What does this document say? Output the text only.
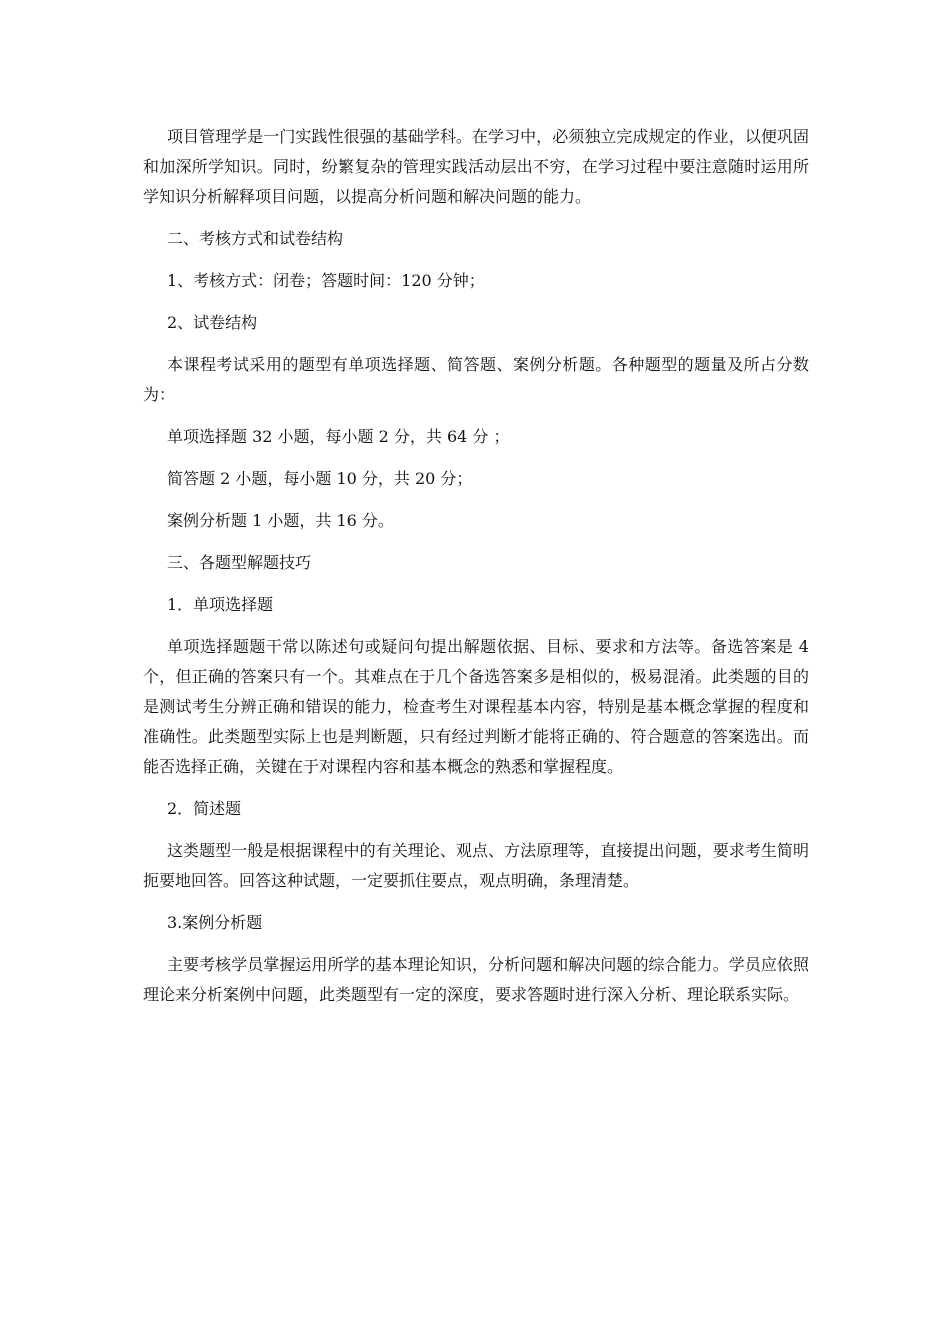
项目管理学是一门实践性很强的基础学科。在学习中，必须独立完成规定的作业，以便巩固和加深所学知识。同时，纷繁复杂的管理实践活动层出不穷，在学习过程中要注意随时运用所学知识分析解释项目问题，以提高分析问题和解决问题的能力。

二、考核方式和试卷结构

1、考核方式：闭卷；答题时间：120 分钟；

2、试卷结构

本课程考试采用的题型有单项选择题、简答题、案例分析题。各种题型的题量及所占分数为：

单项选择题 32 小题，每小题 2 分，共 64 分 ；

简答题 2 小题，每小题 10 分，共 20 分；

案例分析题 1 小题，共 16 分。

三、各题型解题技巧

1．单项选择题

单项选择题题干常以陈述句或疑问句提出解题依据、目标、要求和方法等。备选答案是 4 个，但正确的答案只有一个。其难点在于几个备选答案多是相似的，极易混淆。此类题的目的是测试考生分辨正确和错误的能力，检查考生对课程基本内容，特别是基本概念掌握的程度和准确性。此类题型实际上也是判断题，只有经过判断才能将正确的、符合题意的答案选出。而能否选择正确，关键在于对课程内容和基本概念的熟悉和掌握程度。

2．简述题

这类题型一般是根据课程中的有关理论、观点、方法原理等，直接提出问题，要求考生简明扼要地回答。回答这种试题，一定要抓住要点，观点明确，条理清楚。

3.案例分析题

主要考核学员掌握运用所学的基本理论知识，分析问题和解决问题的综合能力。学员应依照理论来分析案例中问题，此类题型有一定的深度，要求答题时进行深入分析、理论联系实际。
